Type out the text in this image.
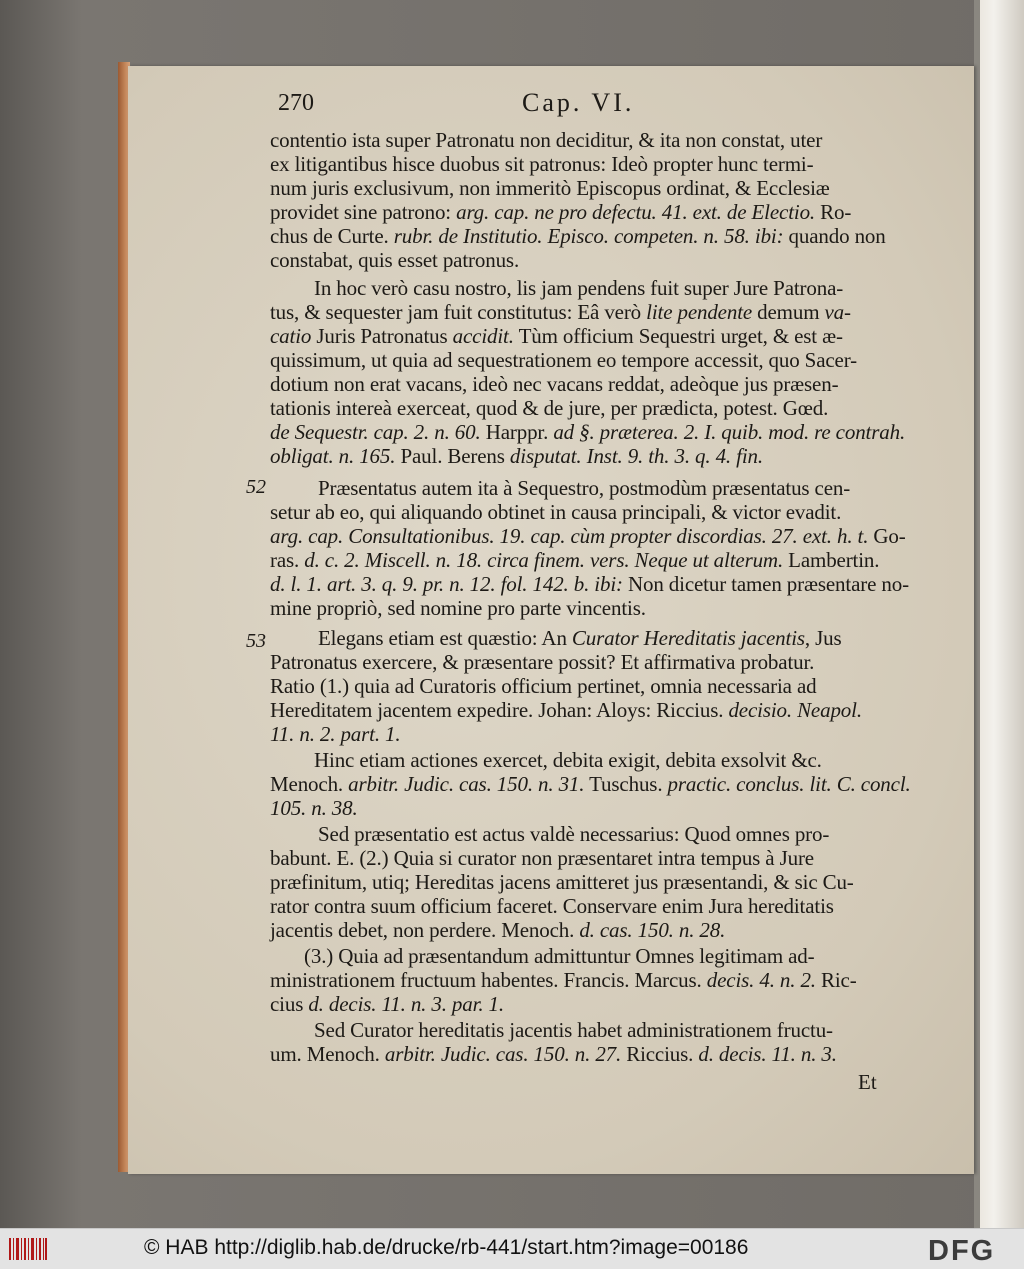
270	Cap. VI.
52
53
contentio ista super Patronatu non deciditur, & ita non constat, uter
ex litigantibus hisce duobus sit patronus: Ideò propter hunc termi-
num juris exclusivum, non immeritò Episcopus ordinat, & Ecclesiæ
providet sine patrono: arg. cap. ne pro defectu. 41. ext. de Electio. Ro-
chus de Curte. rubr. de Institutio. Episco. competen. n. 58. ibi: quando non
constabat, quis esset patronus.
In hoc verò casu nostro, lis jam pendens fuit super Jure Patrona-
tus, & sequester jam fuit constitutus: Eâ verò lite pendente demum va-
catio Juris Patronatus accidit. Tùm officium Sequestri urget, & est æ-
quissimum, ut quia ad sequestrationem eo tempore accessit, quo Sacer-
dotium non erat vacans, ideò nec vacans reddat, adeòque jus præsen-
tationis intereà exerceat, quod & de jure, per prædicta, potest. Gœd.
de Sequestr. cap. 2. n. 60. Harppr. ad §. præterea. 2. I. quib. mod. re contrah.
obligat. n. 165. Paul. Berens disputat. Inst. 9. th. 3. q. 4. fin.
Præsentatus autem ita à Sequestro, postmodùm præsentatus cen-
setur ab eo, qui aliquando obtinet in causa principali, & victor evadit.
arg. cap. Consultationibus. 19. cap. cùm propter discordias. 27. ext. h. t. Go-
ras. d. c. 2. Miscell. n. 18. circa finem. vers. Neque ut alterum. Lambertin.
d. l. 1. art. 3. q. 9. pr. n. 12. fol. 142. b. ibi: Non dicetur tamen præsentare no-
mine propriò, sed nomine pro parte vincentis.
Elegans etiam est quæstio: An Curator Hereditatis jacentis, Jus
Patronatus exercere, & præsentare possit? Et affirmativa probatur.
Ratio (1.) quia ad Curatoris officium pertinet, omnia necessaria ad
Hereditatem jacentem expedire. Johan: Aloys: Riccius. decisio. Neapol.
11. n. 2. part. 1.
Hinc etiam actiones exercet, debita exigit, debita exsolvit &c.
Menoch. arbitr. Judic. cas. 150. n. 31. Tuschus. practic. conclus. lit. C. concl.
105. n. 38.
Sed præsentatio est actus valdè necessarius: Quod omnes pro-
babunt. E. (2.) Quia si curator non præsentaret intra tempus à Jure
præfinitum, utiq; Hereditas jacens amitteret jus præsentandi, & sic Cu-
rator contra suum officium faceret. Conservare enim Jura hereditatis
jacentis debet, non perdere. Menoch. d. cas. 150. n. 28.
(3.) Quia ad præsentandum admittuntur Omnes legitimam ad-
ministrationem fructuum habentes. Francis. Marcus. decis. 4. n. 2. Ric-
cius d. decis. 11. n. 3. par. 1.
Sed Curator hereditatis jacentis habet administrationem fructu-
um. Menoch. arbitr. Judic. cas. 150. n. 27. Riccius. d. decis. 11. n. 3.
Et
© HAB http://diglib.hab.de/drucke/rb-441/start.htm?image=00186	DFG
